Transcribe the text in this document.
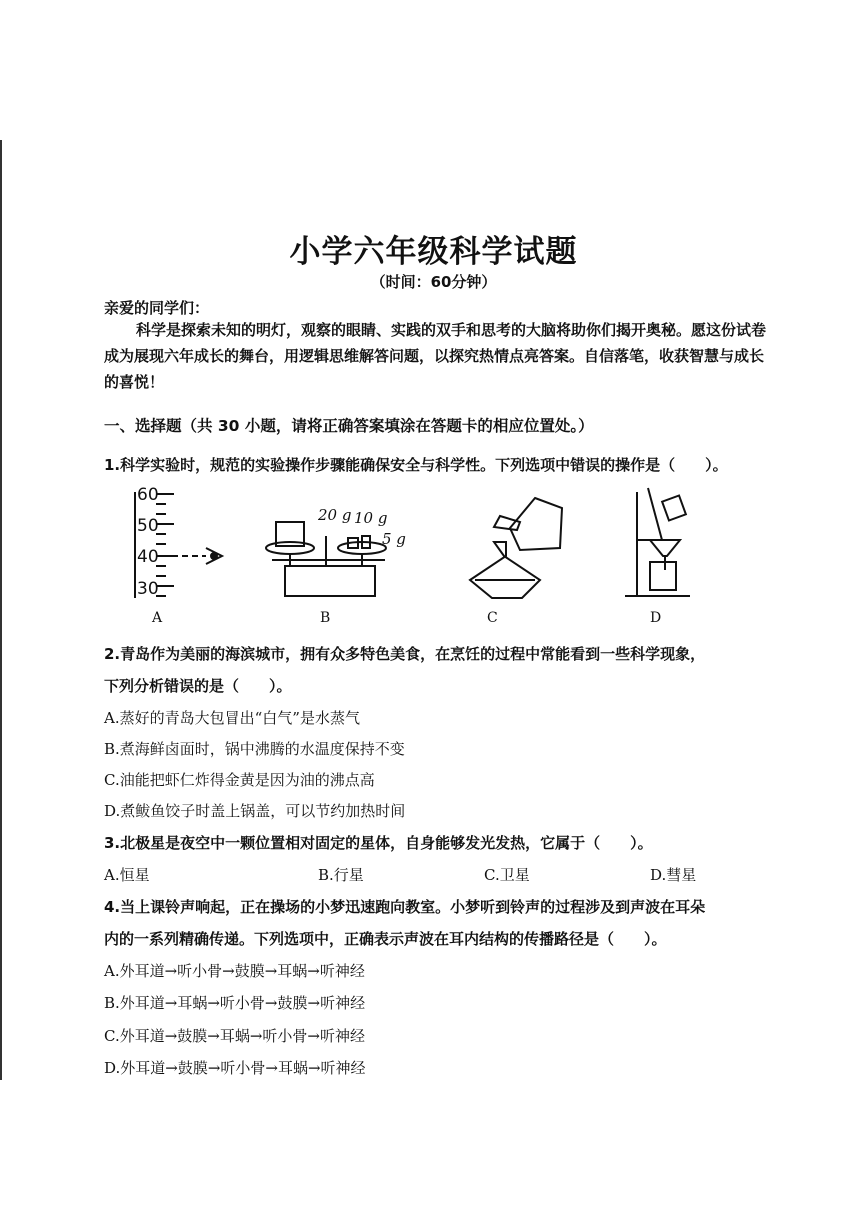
小学六年级科学试题
（时间：60分钟）
亲爱的同学们：
科学是探索未知的明灯，观察的眼睛、实践的双手和思考的大脑将助你们揭开奥秘。愿这份试卷成为展现六年成长的舞台，用逻辑思维解答问题，以探究热情点亮答案。自信落笔，收获智慧与成长的喜悦！
一、选择题（共 30 小题，请将正确答案填涂在答题卡的相应位置处。）
1.科学实验时，规范的实验操作步骤能确保安全与科学性。下列选项中错误的操作是（　　）。
60
50
40
30
20 g 10 g
5 g
A	B	C	D
2.青岛作为美丽的海滨城市，拥有众多特色美食，在烹饪的过程中常能看到一些科学现象，
下列分析错误的是（　　）。
A.蒸好的青岛大包冒出“白气”是水蒸气
B.煮海鲜卤面时，锅中沸腾的水温度保持不变
C.油能把虾仁炸得金黄是因为油的沸点高
D.煮鲅鱼饺子时盖上锅盖，可以节约加热时间
3.北极星是夜空中一颗位置相对固定的星体，自身能够发光发热，它属于（　　）。
A.恒星	B.行星	C.卫星	D.彗星
4.当上课铃声响起，正在操场的小梦迅速跑向教室。小梦听到铃声的过程涉及到声波在耳朵
内的一系列精确传递。下列选项中，正确表示声波在耳内结构的传播路径是（　　）。
A.外耳道→听小骨→鼓膜→耳蜗→听神经
B.外耳道→耳蜗→听小骨→鼓膜→听神经
C.外耳道→鼓膜→耳蜗→听小骨→听神经
D.外耳道→鼓膜→听小骨→耳蜗→听神经
